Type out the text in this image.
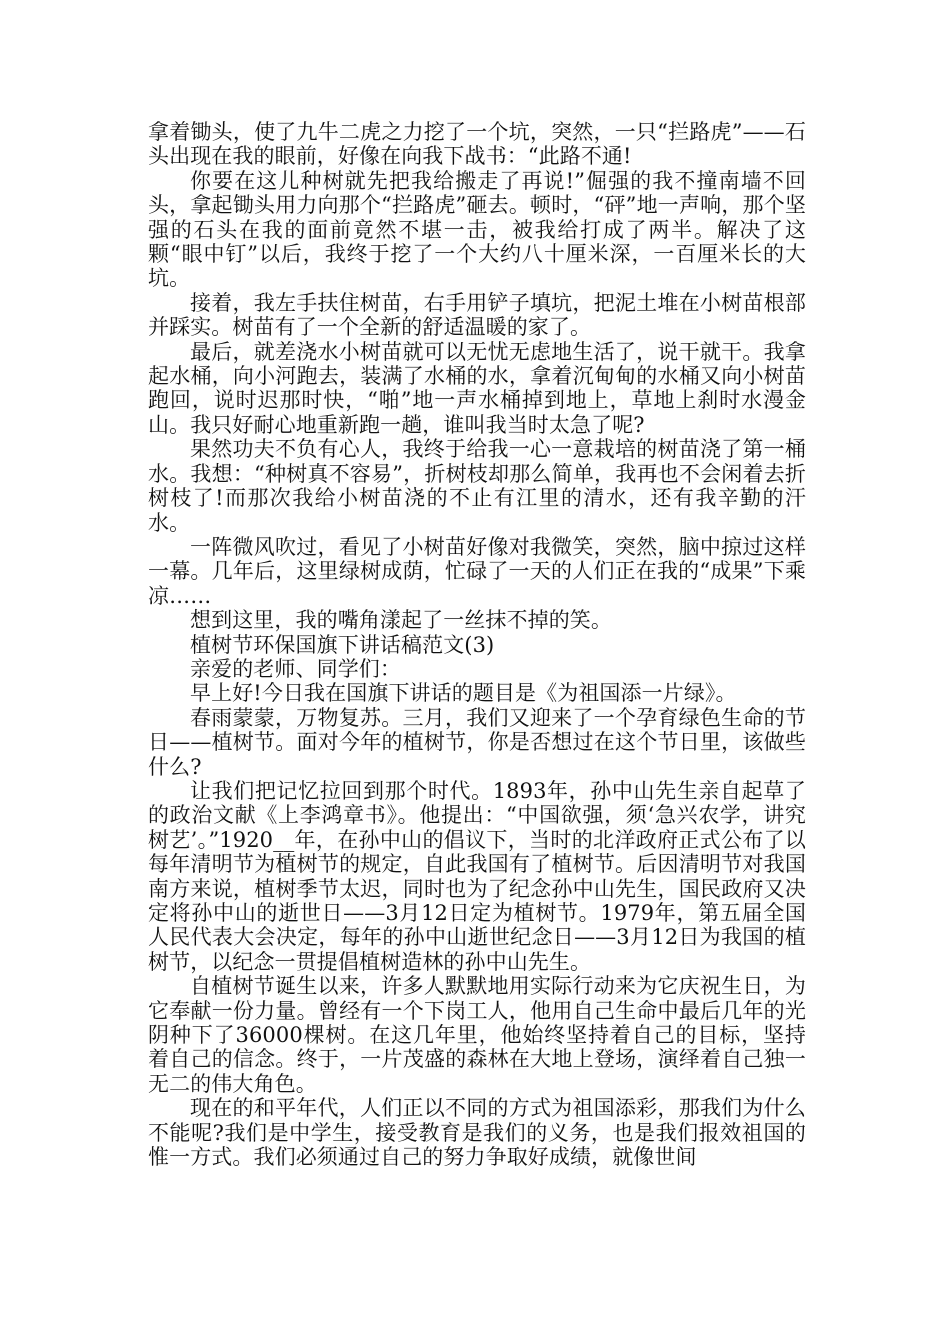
拿着锄头，使了九牛二虎之力挖了一个坑，突然，一只“拦路虎”——石头出现在我的眼前，好像在向我下战书：“此路不通!

你要在这儿种树就先把我给搬走了再说!”倔强的我不撞南墙不回头，拿起锄头用力向那个“拦路虎”砸去。顿时，“砰”地一声响，那个坚强的石头在我的面前竟然不堪一击，被我给打成了两半。解决了这颗“眼中钉”以后，我终于挖了一个大约八十厘米深，一百厘米长的大坑。

接着，我左手扶住树苗，右手用铲子填坑，把泥土堆在小树苗根部并踩实。树苗有了一个全新的舒适温暖的家了。

最后，就差浇水小树苗就可以无忧无虑地生活了，说干就干。我拿起水桶，向小河跑去，装满了水桶的水，拿着沉甸甸的水桶又向小树苗跑回，说时迟那时快，“啪”地一声水桶掉到地上，草地上刹时水漫金山。我只好耐心地重新跑一趟，谁叫我当时太急了呢?

果然功夫不负有心人，我终于给我一心一意栽培的树苗浇了第一桶水。我想：“种树真不容易”，折树枝却那么简单，我再也不会闲着去折树枝了!而那次我给小树苗浇的不止有江里的清水，还有我辛勤的汗水。

一阵微风吹过，看见了小树苗好像对我微笑，突然，脑中掠过这样一幕。几年后，这里绿树成荫，忙碌了一天的人们正在我的“成果”下乘凉……

想到这里，我的嘴角漾起了一丝抹不掉的笑。

植树节环保国旗下讲话稿范文(3)

亲爱的老师、同学们：

早上好!今日我在国旗下讲话的题目是《为祖国添一片绿》。

春雨蒙蒙，万物复苏。三月，我们又迎来了一个孕育绿色生命的节日——植树节。面对今年的植树节，你是否想过在这个节日里，该做些什么?

让我们把记忆拉回到那个时代。1893年，孙中山先生亲自起草了的政治文献《上李鸿章书》。他提出：“中国欲强，须‘急兴农学，讲究树艺’。”1920__年，在孙中山的倡议下，当时的北洋政府正式公布了以每年清明节为植树节的规定，自此我国有了植树节。后因清明节对我国南方来说，植树季节太迟，同时也为了纪念孙中山先生，国民政府又决定将孙中山的逝世日——3月12日定为植树节。1979年，第五届全国人民代表大会决定，每年的孙中山逝世纪念日——3月12日为我国的植树节，以纪念一贯提倡植树造林的孙中山先生。

自植树节诞生以来，许多人默默地用实际行动来为它庆祝生日，为它奉献一份力量。曾经有一个下岗工人，他用自己生命中最后几年的光阴种下了36000棵树。在这几年里，他始终坚持着自己的目标，坚持着自己的信念。终于，一片茂盛的森林在大地上登场，演绎着自己独一无二的伟大角色。

现在的和平年代，人们正以不同的方式为祖国添彩，那我们为什么不能呢?我们是中学生，接受教育是我们的义务，也是我们报效祖国的惟一方式。我们必须通过自己的努力争取好成绩，就像世间
